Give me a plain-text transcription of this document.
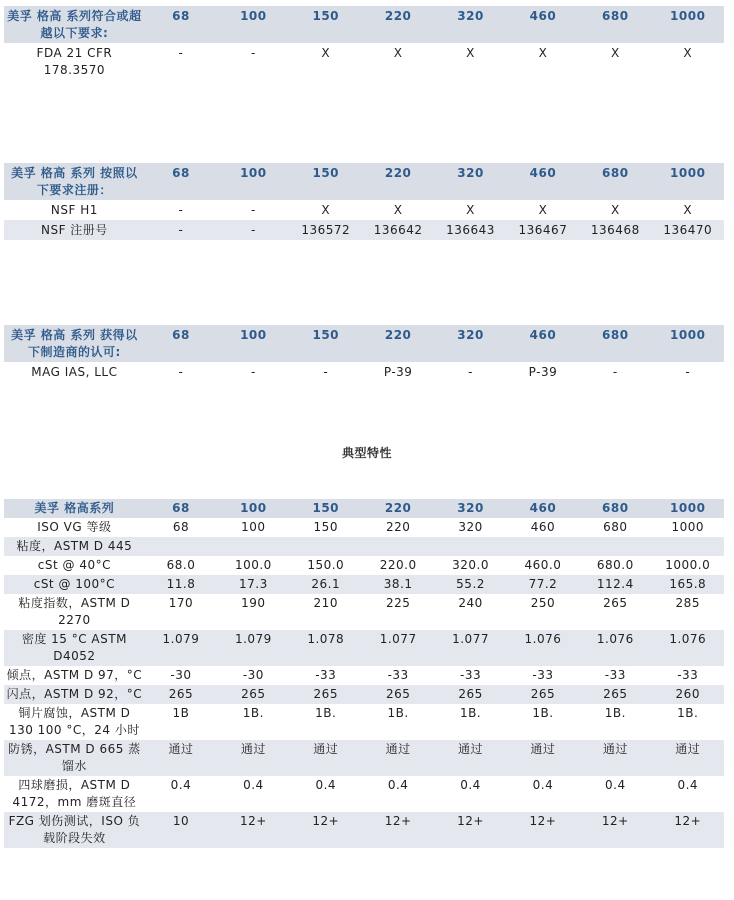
美孚 格高 系列符合或超越以下要求:	68	100	150	220	320	460	680	1000
FDA 21 CFR 178.3570	-	-	X	X	X	X	X	X
美孚 格高 系列 按照以下要求注册：	68	100	150	220	320	460	680	1000
NSF H1	-	-	X	X	X	X	X	X
NSF 注册号	-	-	136572	136642	136643	136467	136468	136470
美孚 格高 系列 获得以下制造商的认可:	68	100	150	220	320	460	680	1000
MAG IAS, LLC	-	-	-	P-39	-	P-39	-	-
典型特性
美孚 格高系列	68	100	150	220	320	460	680	1000
ISO VG 等级	68	100	150	220	320	460	680	1000
粘度，ASTM D 445								
cSt @ 40°C	68.0	100.0	150.0	220.0	320.0	460.0	680.0	1000.0
cSt @ 100°C	11.8	17.3	26.1	38.1	55.2	77.2	112.4	165.8
粘度指数，ASTM D 2270	170	190	210	225	240	250	265	285
密度 15 °C ASTM D4052	1.079	1.079	1.078	1.077	1.077	1.076	1.076	1.076
倾点，ASTM D 97，°C	-30	-30	-33	-33	-33	-33	-33	-33
闪点，ASTM D 92，°C	265	265	265	265	265	265	265	260
铜片腐蚀，ASTM D 130 100 °C，24 小时	1B	1B.	1B.	1B.	1B.	1B.	1B.	1B.
防锈，ASTM D 665 蒸馏水	通过	通过	通过	通过	通过	通过	通过	通过
四球磨损，ASTM D 4172，mm 磨斑直径	0.4	0.4	0.4	0.4	0.4	0.4	0.4	0.4
FZG 划伤测试，ISO 负载阶段失效	10	12+	12+	12+	12+	12+	12+	12+
